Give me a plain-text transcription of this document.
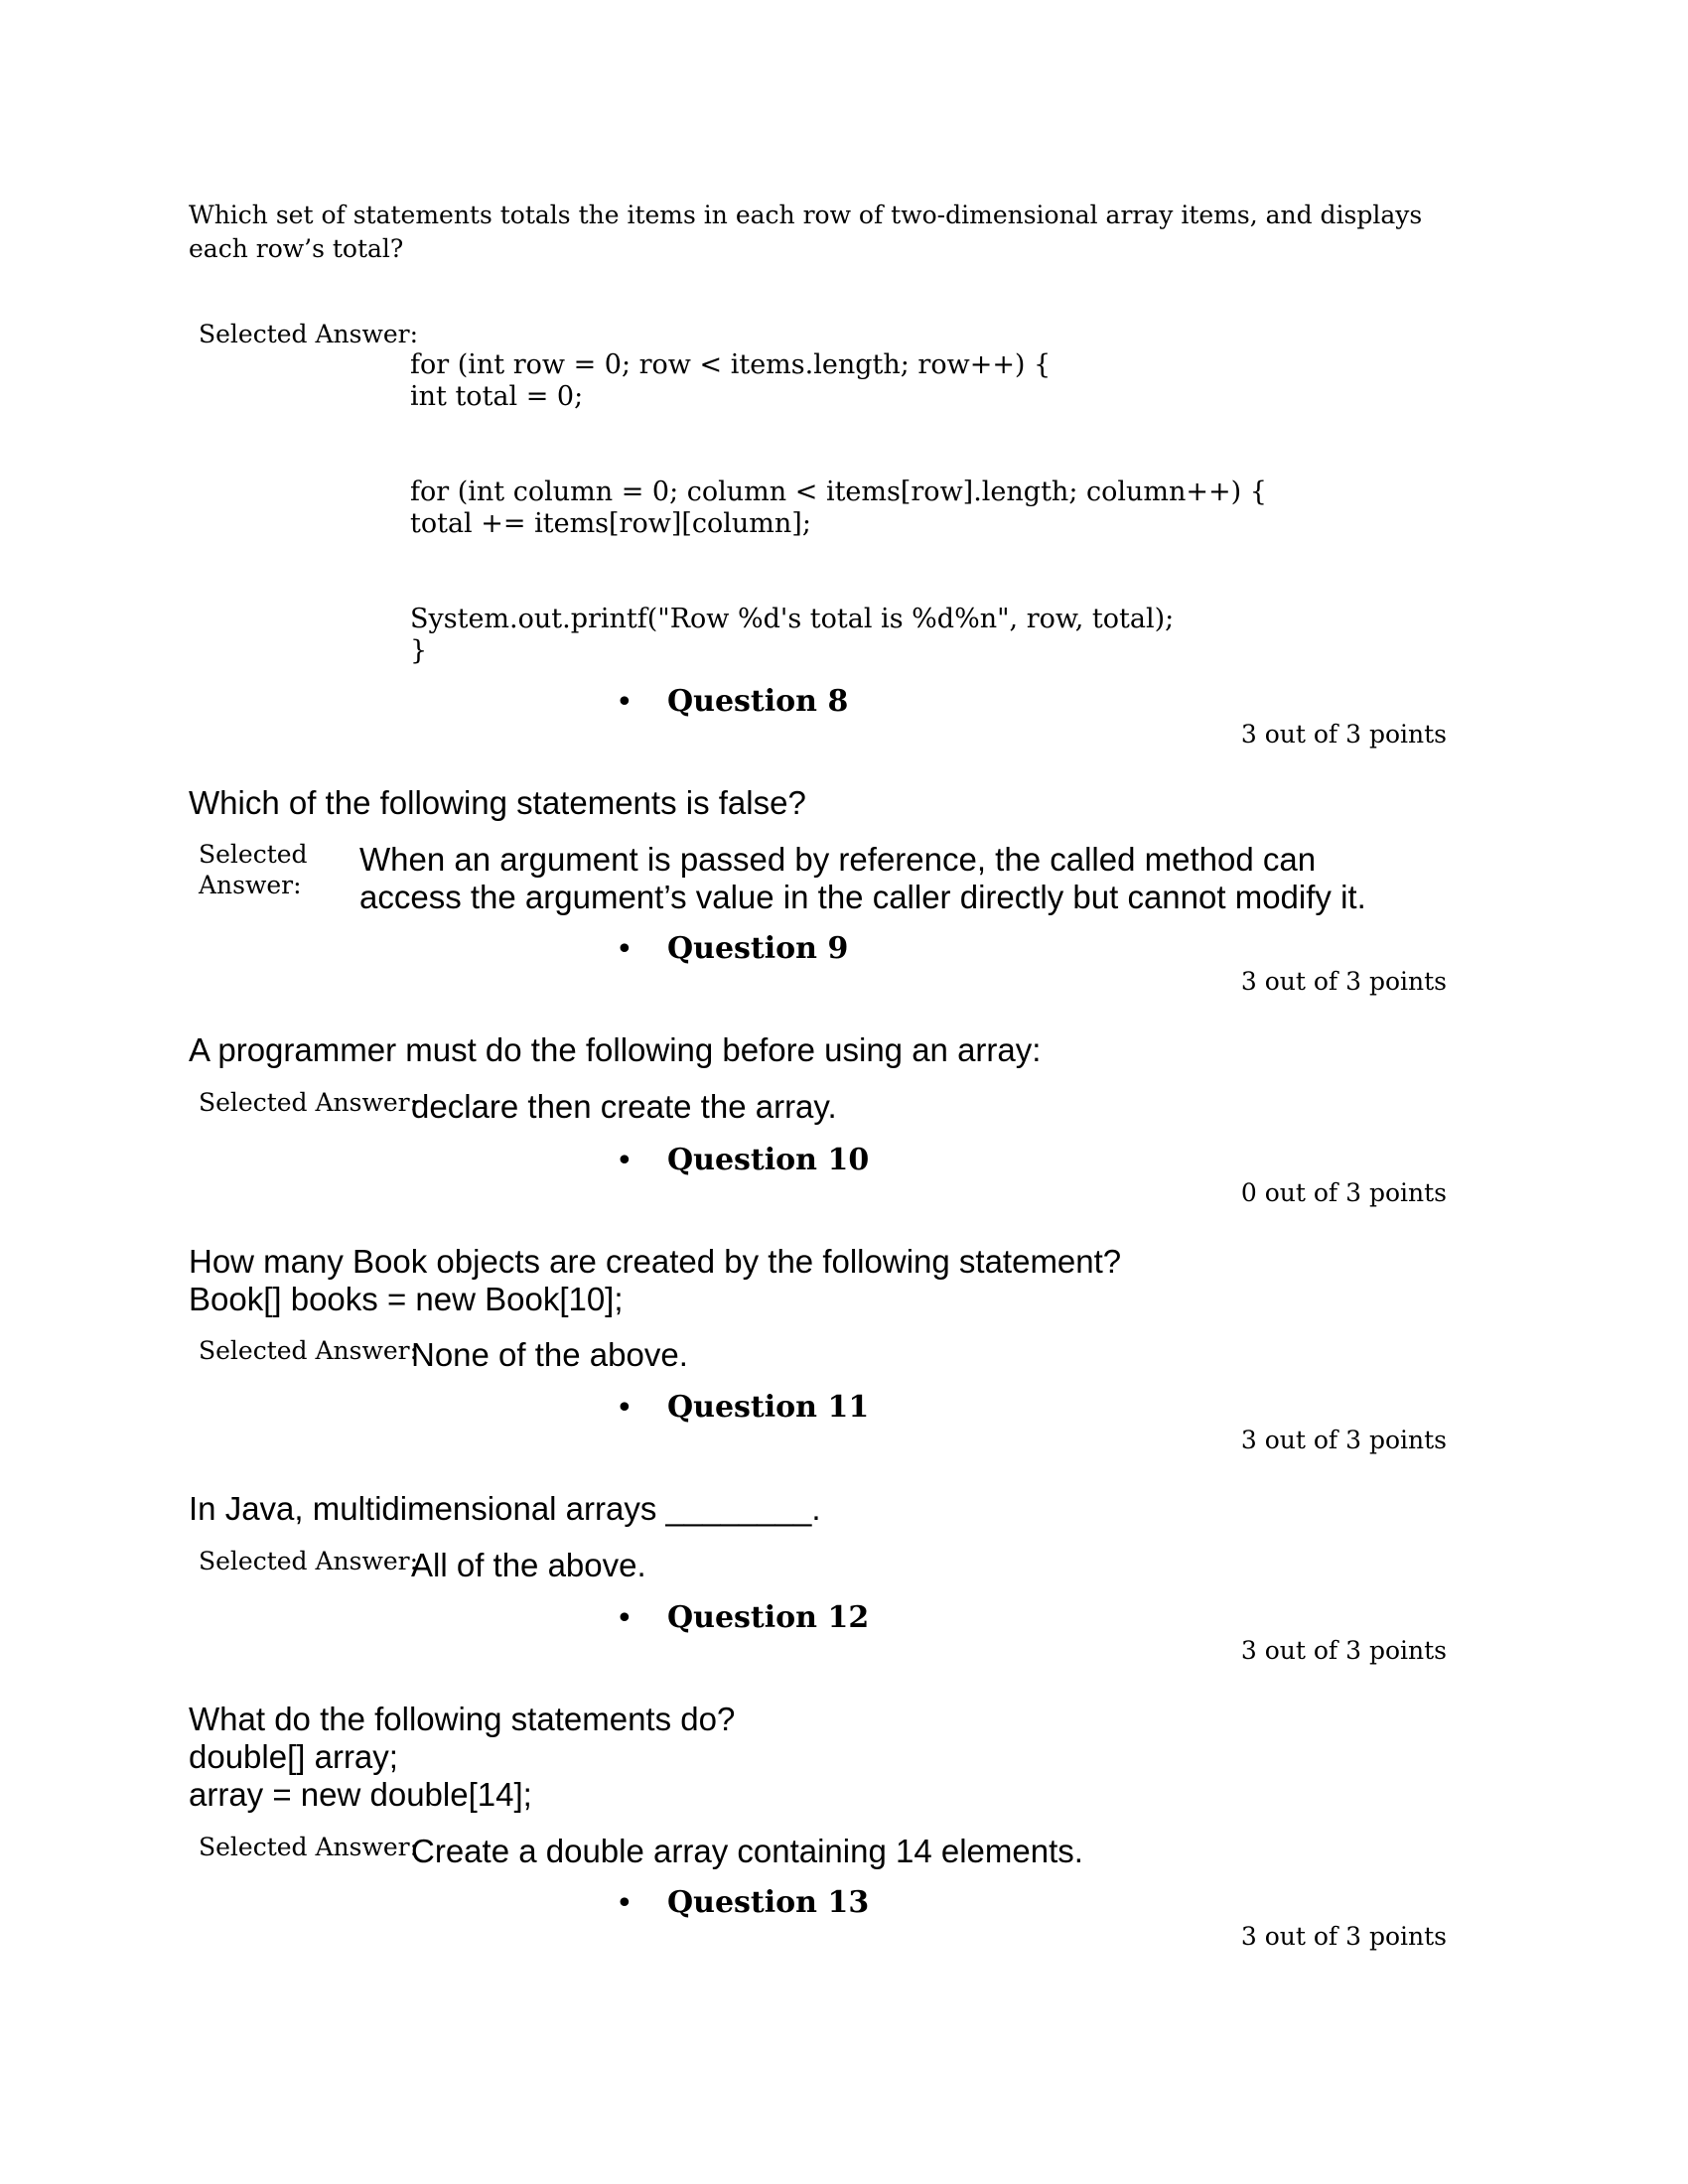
Which set of statements totals the items in each row of two-dimensional array items, and displays each row’s total?
Selected Answer:
for (int row = 0; row < items.length; row++) {
int total = 0;
for (int column = 0; column < items[row].length; column++) {
total += items[row][column];
System.out.printf("Row %d's total is %d%n", row, total);
}
• Question 8
3 out of 3 points
Which of the following statements is false?
Selected
Answer:
When an argument is passed by reference, the called method can
access the argument’s value in the caller directly but cannot modify it.
• Question 9
3 out of 3 points
A programmer must do the following before using an array:
Selected Answer:
declare then create the array.
• Question 10
0 out of 3 points
How many Book objects are created by the following statement?
Book[] books = new Book[10];
Selected Answer:
None of the above.
• Question 11
3 out of 3 points
In Java, multidimensional arrays ________.
Selected Answer:
All of the above.
• Question 12
3 out of 3 points
What do the following statements do?
double[] array;
array = new double[14];
Selected Answer:
Create a double array containing 14 elements.
• Question 13
3 out of 3 points
